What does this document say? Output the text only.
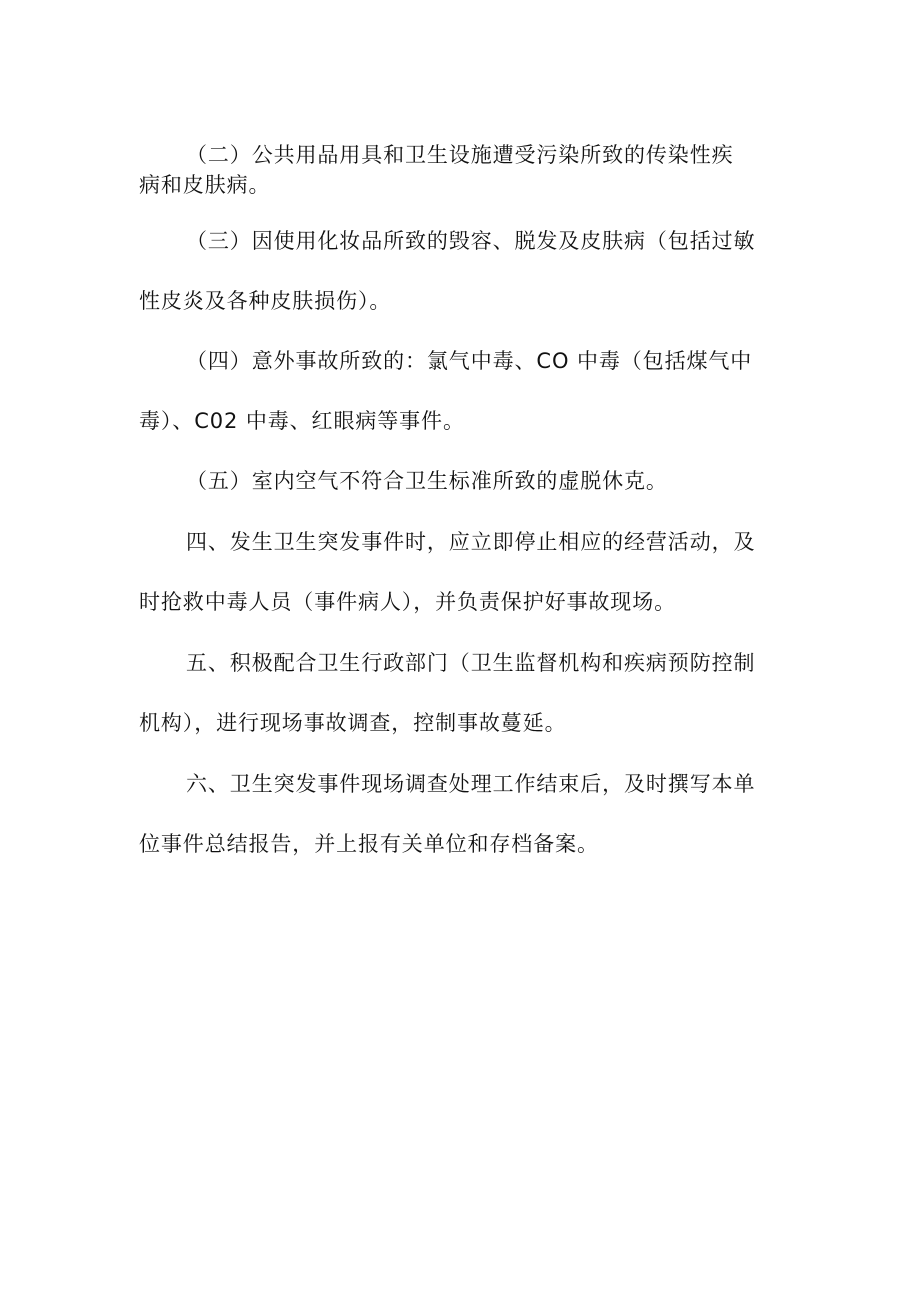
（二）公共用品用具和卫生设施遭受污染所致的传染性疾
病和皮肤病。
（三）因使用化妆品所致的毁容、脱发及皮肤病（包括过敏
性皮炎及各种皮肤损伤）。
（四）意外事故所致的：氯气中毒、CO 中毒（包括煤气中
毒）、C02 中毒、红眼病等事件。
（五）室内空气不符合卫生标准所致的虚脱休克。
四、发生卫生突发事件时，应立即停止相应的经营活动，及
时抢救中毒人员（事件病人），并负责保护好事故现场。
五、积极配合卫生行政部门（卫生监督机构和疾病预防控制
机构），进行现场事故调查，控制事故蔓延。
六、卫生突发事件现场调查处理工作结束后，及时撰写本单
位事件总结报告，并上报有关单位和存档备案。
